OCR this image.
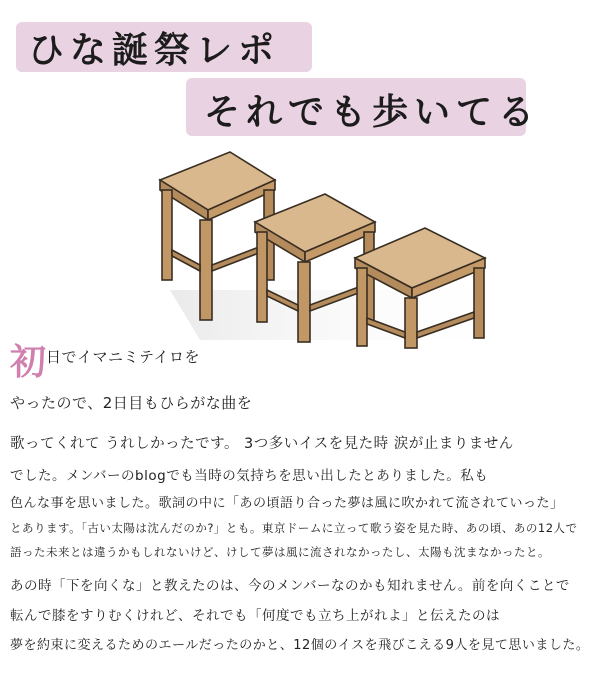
ひな誕祭レポ
それでも歩いてる
初 日でイマニミテイロを
やったので、2日目もひらがな曲を
歌ってくれて うれしかったです。 3つ多いイスを見た時 涙が止まりません
でした。メンバーのblogでも当時の気持ちを思い出したとありました。私も
色んな事を思いました。歌詞の中に「あの頃語り合った夢は風に吹かれて流されていった」
とあります。「古い太陽は沈んだのか?」とも。東京ドームに立って歌う姿を見た時、あの頃、あの12人で
語った未来とは違うかもしれないけど、けして夢は風に流されなかったし、太陽も沈まなかったと。
あの時「下を向くな」と教えたのは、今のメンバーなのかも知れません。前を向くことで
転んで膝をすりむくけれど、それでも「何度でも立ち上がれよ」と伝えたのは
夢を約束に変えるためのエールだったのかと、12個のイスを飛びこえる9人を見て思いました。
